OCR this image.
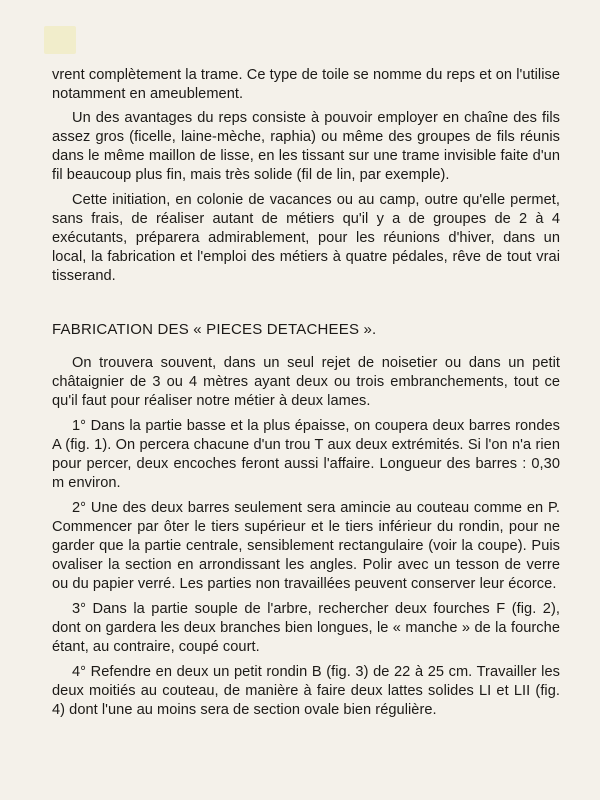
vrent complètement la trame. Ce type de toile se nomme du reps et on l'utilise notamment en ameublement.

Un des avantages du reps consiste à pouvoir employer en chaîne des fils assez gros (ficelle, laine-mèche, raphia) ou même des groupes de fils réunis dans le même maillon de lisse, en les tissant sur une trame invisible faite d'un fil beaucoup plus fin, mais très solide (fil de lin, par exemple).

Cette initiation, en colonie de vacances ou au camp, outre qu'elle permet, sans frais, de réaliser autant de métiers qu'il y a de groupes de 2 à 4 exécutants, préparera admirablement, pour les réunions d'hiver, dans un local, la fabrication et l'emploi des métiers à quatre pédales, rêve de tout vrai tisserand.

FABRICATION DES « PIECES DETACHEES ».

On trouvera souvent, dans un seul rejet de noisetier ou dans un petit châtaignier de 3 ou 4 mètres ayant deux ou trois embranchements, tout ce qu'il faut pour réaliser notre métier à deux lames.

1° Dans la partie basse et la plus épaisse, on coupera deux barres rondes A (fig. 1). On percera chacune d'un trou T aux deux extrémités. Si l'on n'a rien pour percer, deux encoches feront aussi l'affaire. Longueur des barres : 0,30 m environ.

2° Une des deux barres seulement sera amincie au couteau comme en P. Commencer par ôter le tiers supérieur et le tiers inférieur du rondin, pour ne garder que la partie centrale, sensiblement rectangulaire (voir la coupe). Puis ovaliser la section en arrondissant les angles. Polir avec un tesson de verre ou du papier verré. Les parties non travaillées peuvent conserver leur écorce.

3° Dans la partie souple de l'arbre, rechercher deux fourches F (fig. 2), dont on gardera les deux branches bien longues, le « manche » de la fourche étant, au contraire, coupé court.

4° Refendre en deux un petit rondin B (fig. 3) de 22 à 25 cm. Travailler les deux moitiés au couteau, de manière à faire deux lattes solides LI et LII (fig. 4) dont l'une au moins sera de section ovale bien régulière.
